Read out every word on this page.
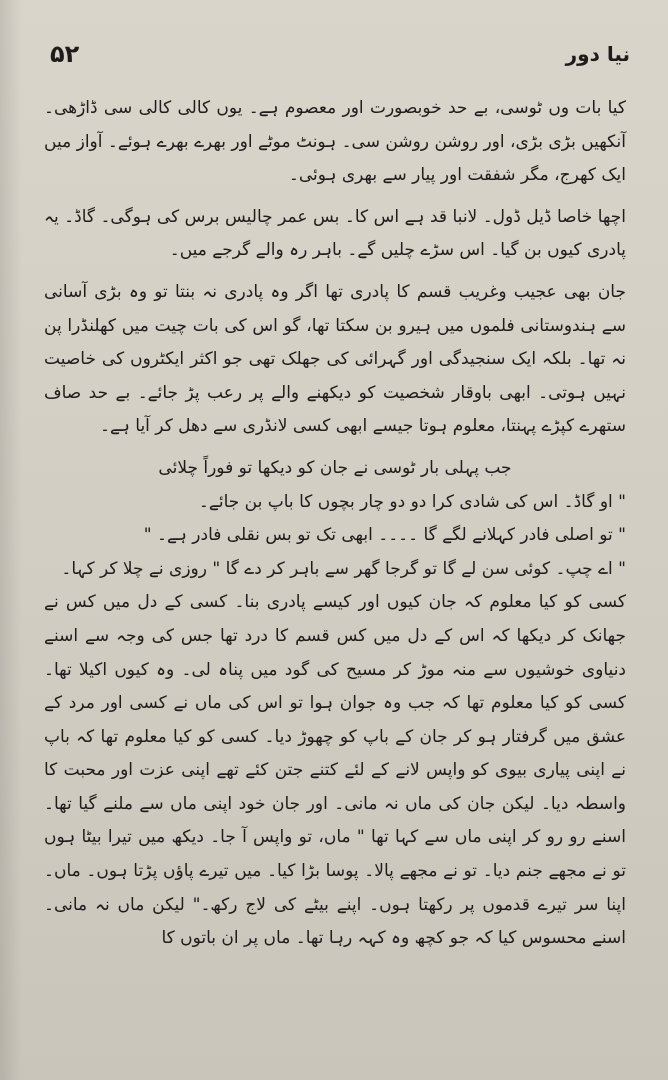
۵۲	نیا دور

کیا بات وں ٹوسی، بے حد خوبصورت اور معصوم ہے۔ یوں کالی کالی سی ڈاڑھی۔ آنکھیں بڑی بڑی، اور روشن روشن سی۔ ہونٹ موٹے اور بھرے بھرے ہوئے۔ آواز میں ایک کھرج، مگر شفقت اور پیار سے بھری ہوئی۔

اچھا خاصا ڈیل ڈول۔ لانبا قد ہے اس کا۔ بس عمر چالیس برس کی ہوگی۔ گاڈ۔ یہ پادری کیوں بن گیا۔ اس سڑے چلیں گے۔ باہر رہ والے گرجے میں۔

جان بھی عجیب وغریب قسم کا پادری تھا اگر وہ پادری نہ بنتا تو وہ بڑی آسانی سے ہندوستانی فلموں میں ہیرو بن سکتا تھا، گو اس کی بات چیت میں کھلنڈرا پن نہ تھا۔ بلکہ ایک سنجیدگی اور گہرائی کی جھلک تھی جو اکثر ایکٹروں کی خاصیت نہیں ہوتی۔ ابھی باوقار شخصیت کو دیکھنے والے پر رعب پڑ جائے۔ بے حد صاف ستھرے کپڑے پہنتا، معلوم ہوتا جیسے ابھی کسی لانڈری سے دھل کر آیا ہے۔

جب پہلی بار ٹوسی نے جان کو دیکھا تو فوراً چلائی

" او گاڈ۔ اس کی شادی کرا دو دو چار بچوں کا باپ بن جائے۔

" تو اصلی فادر کہلانے لگے گا ۔۔۔۔ ابھی تک تو بس نقلی فادر ہے۔ "

" اے چپ۔ کوئی سن لے گا تو گرجا گھر سے باہر کر دے گا " روزی نے چلا کر کہا۔

کسی کو کیا معلوم کہ جان کیوں اور کیسے پادری بنا۔ کسی کے دل میں کس نے جھانک کر دیکھا کہ اس کے دل میں کس قسم کا درد تھا جس کی وجہ سے اسنے دنیاوی خوشیوں سے منہ موڑ کر مسیح کی گود میں پناہ لی۔ وہ کیوں اکیلا تھا۔ کسی کو کیا معلوم تھا کہ جب وہ جوان ہوا تو اس کی ماں نے کسی اور مرد کے عشق میں گرفتار ہو کر جان کے باپ کو چھوڑ دیا۔ کسی کو کیا معلوم تھا کہ باپ نے اپنی پیاری بیوی کو واپس لانے کے لئے کتنے جتن کئے تھے اپنی عزت اور محبت کا واسطہ دیا۔ لیکن جان کی ماں نہ مانی۔ اور جان خود اپنی ماں سے ملنے گیا تھا۔ اسنے رو رو کر اپنی ماں سے کہا تھا " ماں، تو واپس آ جا۔ دیکھ میں تیرا بیٹا ہوں تو نے مجھے جنم دیا۔ تو نے مجھے پالا۔ پوسا بڑا کیا۔ میں تیرے پاؤں پڑتا ہوں۔ ماں۔ اپنا سر تیرے قدموں پر رکھتا ہوں۔ اپنے بیٹے کی لاج رکھ۔" لیکن ماں نہ مانی۔ اسنے محسوس کیا کہ جو کچھ وہ کہہ رہا تھا۔ ماں پر ان باتوں کا
